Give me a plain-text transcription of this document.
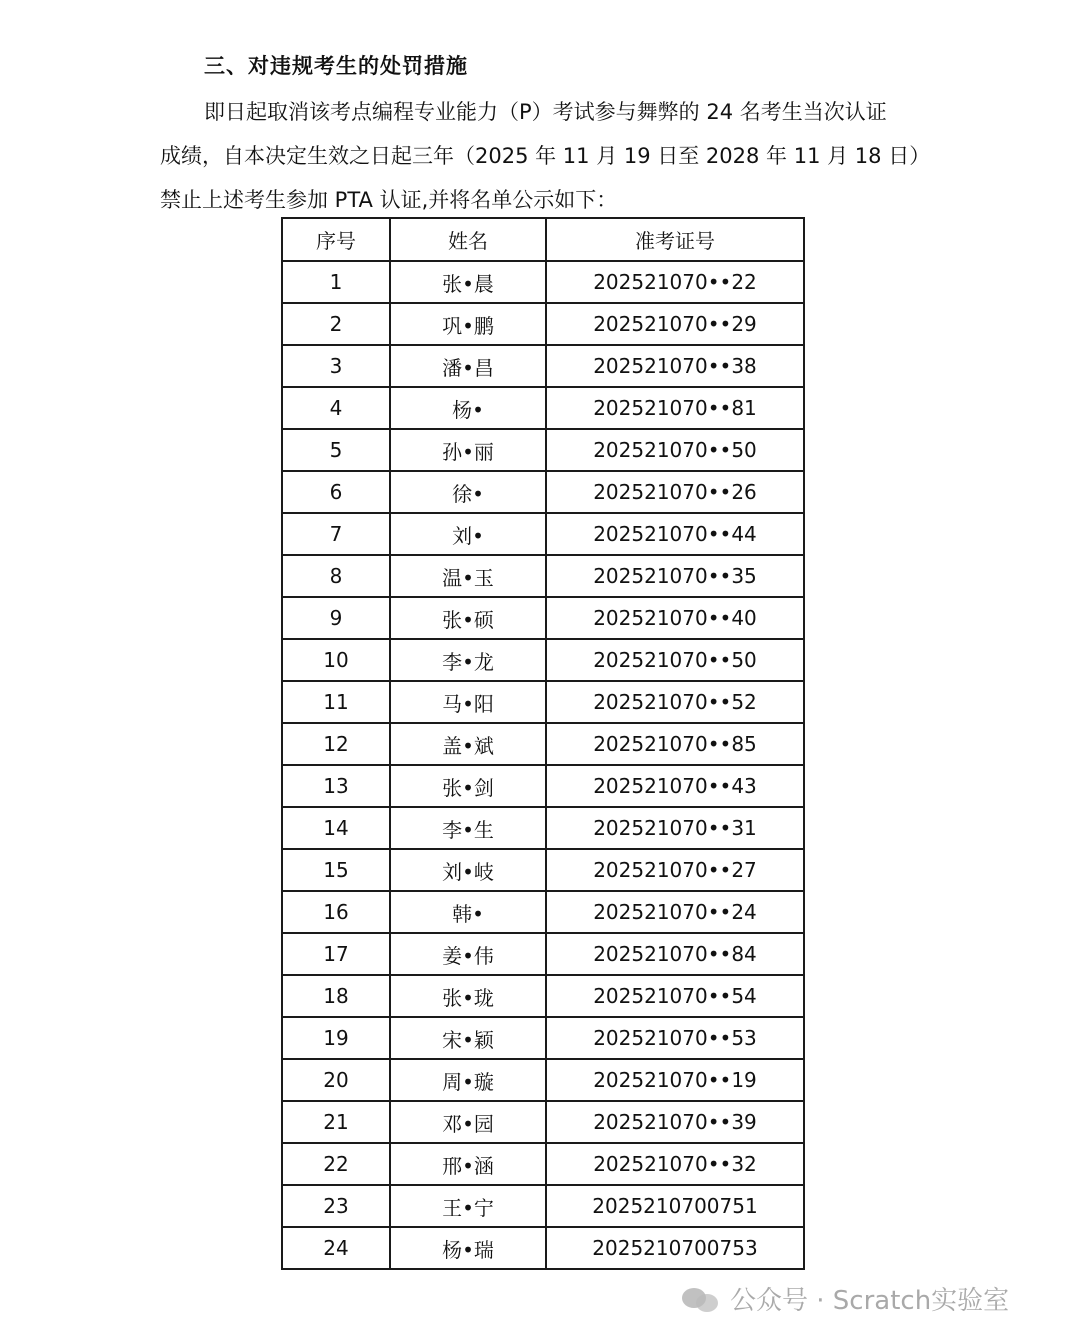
三、对违规考生的处罚措施
即日起取消该考点编程专业能力（P）考试参与舞弊的 24 名考生当次认证
成绩，自本决定生效之日起三年（2025 年 11 月 19 日至 2028 年 11 月 18 日）
禁止上述考生参加 PTA 认证,并将名单公示如下：
序号	姓名	准考证号
1	张•晨	202521070••22
2	巩•鹏	202521070••29
3	潘•昌	202521070••38
4	杨•	202521070••81
5	孙•丽	202521070••50
6	徐•	202521070••26
7	刘•	202521070••44
8	温•玉	202521070••35
9	张•硕	202521070••40
10	李•龙	202521070••50
11	马•阳	202521070••52
12	盖•斌	202521070••85
13	张•剑	202521070••43
14	李•生	202521070••31
15	刘•岐	202521070••27
16	韩•	202521070••24
17	姜•伟	202521070••84
18	张•珑	202521070••54
19	宋•颖	202521070••53
20	周•璇	202521070••19
21	邓•园	202521070••39
22	邢•涵	202521070••32
23	王•宁	2025210700751
24	杨•瑞	2025210700753
公众号 · Scratch实验室
